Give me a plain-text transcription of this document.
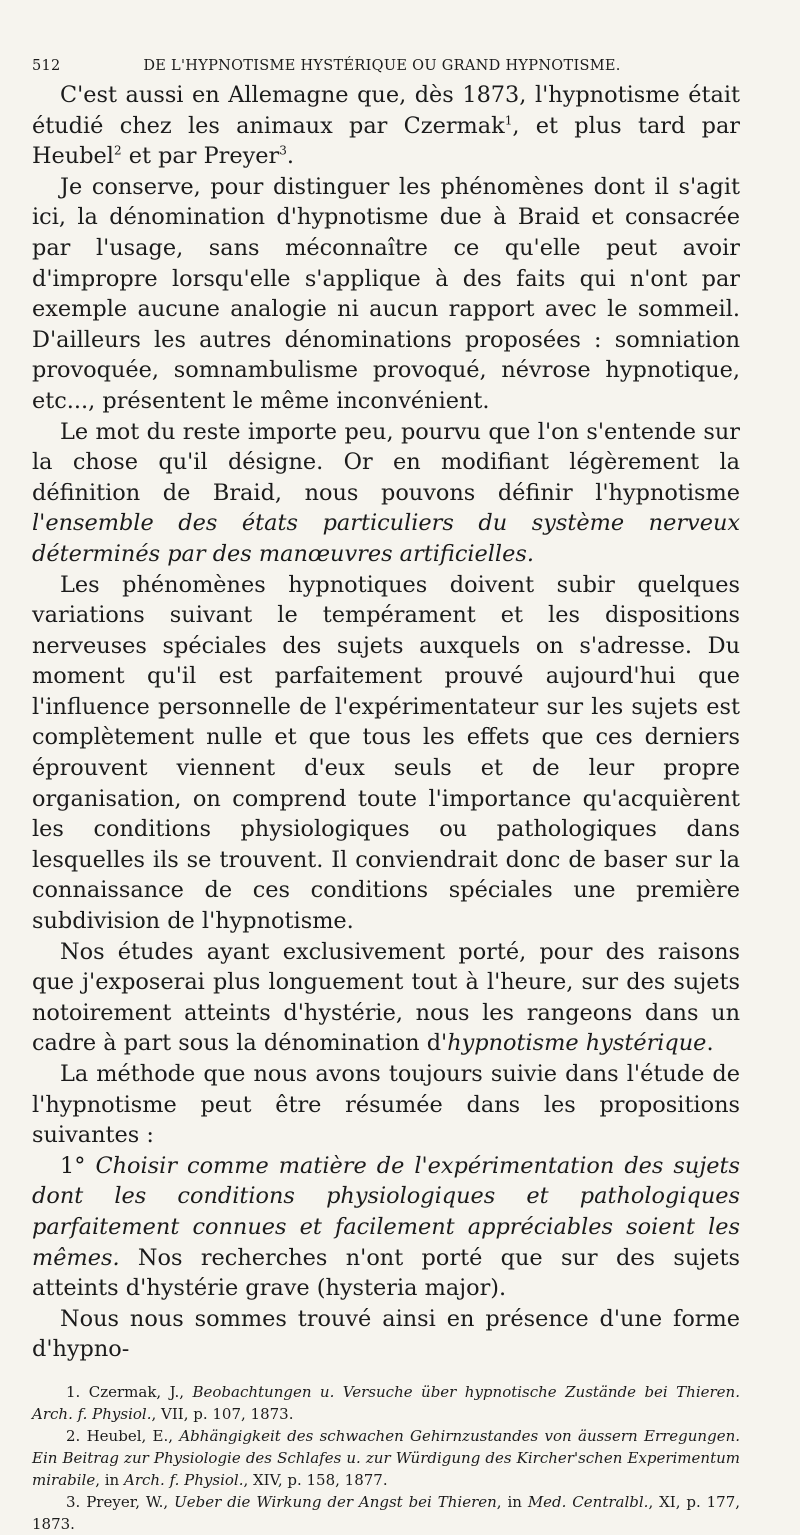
512	DE L'HYPNOTISME HYSTÉRIQUE OU GRAND HYPNOTISME.

C'est aussi en Allemagne que, dès 1873, l'hypnotisme était étudié chez les animaux par Czermak$^1$, et plus tard par Heubel$^2$ et par Preyer$^3$.

Je conserve, pour distinguer les phénomènes dont il s'agit ici, la dénomination d'hypnotisme due à Braid et consacrée par l'usage, sans méconnaître ce qu'elle peut avoir d'impropre lorsqu'elle s'applique à des faits qui n'ont par exemple aucune analogie ni aucun rapport avec le sommeil. D'ailleurs les autres dénominations proposées : somniation provoquée, somnambulisme provoqué, névrose hypnotique, etc..., présentent le même inconvénient.

Le mot du reste importe peu, pourvu que l'on s'entende sur la chose qu'il désigne. Or en modifiant légèrement la définition de Braid, nous pouvons définir l'hypnotisme l'ensemble des états particuliers du système nerveux déterminés par des manœuvres artificielles.

Les phénomènes hypnotiques doivent subir quelques variations suivant le tempérament et les dispositions nerveuses spéciales des sujets auxquels on s'adresse. Du moment qu'il est parfaitement prouvé aujourd'hui que l'influence personnelle de l'expérimentateur sur les sujets est complètement nulle et que tous les effets que ces derniers éprouvent viennent d'eux seuls et de leur propre organisation, on comprend toute l'importance qu'acquièrent les conditions physiologiques ou pathologiques dans lesquelles ils se trouvent. Il conviendrait donc de baser sur la connaissance de ces conditions spéciales une première subdivision de l'hypnotisme.

Nos études ayant exclusivement porté, pour des raisons que j'exposerai plus longuement tout à l'heure, sur des sujets notoirement atteints d'hystérie, nous les rangeons dans un cadre à part sous la dénomination d'hypnotisme hystérique.

La méthode que nous avons toujours suivie dans l'étude de l'hypnotisme peut être résumée dans les propositions suivantes :

1° Choisir comme matière de l'expérimentation des sujets dont les conditions physiologiques et pathologiques parfaitement connues et facilement appréciables soient les mêmes. Nos recherches n'ont porté que sur des sujets atteints d'hystérie grave (hysteria major).

Nous nous sommes trouvé ainsi en présence d'une forme d'hypno-

1. Czermak, J., Beobachtungen u. Versuche über hypnotische Zustände bei Thieren. Arch. f. Physiol., VII, p. 107, 1873.

2. Heubel, E., Abhängigkeit des schwachen Gehirnzustandes von äussern Erregungen. Ein Beitrag zur Physiologie des Schlafes u. zur Würdigung des Kircher'schen Experimentum mirabile, in Arch. f. Physiol., XIV, p. 158, 1877.

3. Preyer, W., Ueber die Wirkung der Angst bei Thieren, in Med. Centralbl., XI, p. 177, 1873.
